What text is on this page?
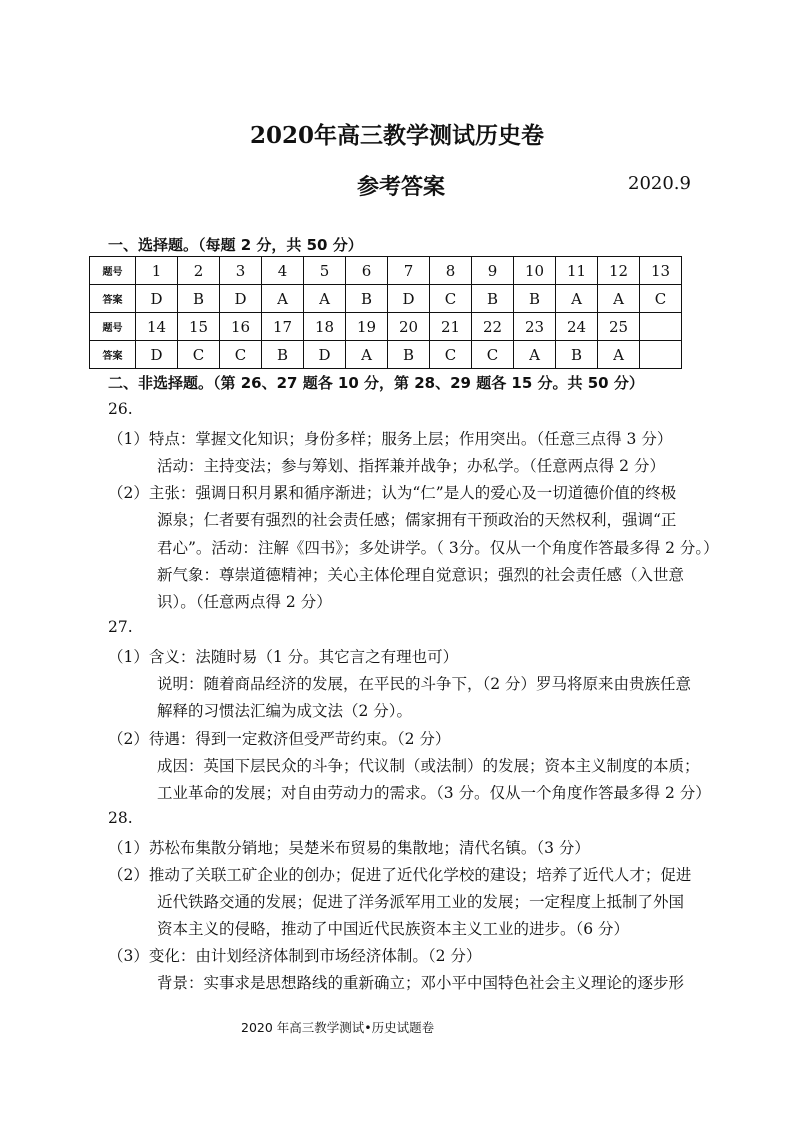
2020年高三教学测试历史卷
参考答案	2020.9
一、选择题。（每题 2 分，共 50 分）
题号	1	2	3	4	5	6	7	8	9	10	11	12	13
答案	D	B	D	A	A	B	D	C	B	B	A	A	C
题号	14	15	16	17	18	19	20	21	22	23	24	25	
答案	D	C	C	B	D	A	B	C	C	A	B	A	
二、非选择题。（第 26、27 题各 10 分，第 28、29 题各 15 分。共 50 分）
26.
（1）特点：掌握文化知识；身份多样；服务上层；作用突出。（任意三点得 3 分）
活动：主持变法；参与筹划、指挥兼并战争；办私学。（任意两点得 2 分）
（2）主张：强调日积月累和循序渐进；认为“仁”是人的爱心及一切道德价值的终极
源泉；仁者要有强烈的社会责任感；儒家拥有干预政治的天然权利，强调“正
君心”。活动：注解《四书》；多处讲学。（ 3分。仅从一个角度作答最多得 2 分。）
新气象：尊崇道德精神；关心主体伦理自觉意识；强烈的社会责任感（入世意
识）。（任意两点得 2 分）
27.
（1）含义：法随时易（1 分。其它言之有理也可）
说明：随着商品经济的发展，在平民的斗争下，（2 分）罗马将原来由贵族任意
解释的习惯法汇编为成文法（2 分）。
（2）待遇：得到一定救济但受严苛约束。（2 分）
成因：英国下层民众的斗争；代议制（或法制）的发展；资本主义制度的本质；
工业革命的发展；对自由劳动力的需求。（3 分。仅从一个角度作答最多得 2 分）
28.
（1）苏松布集散分销地；吴楚米布贸易的集散地；清代名镇。（3 分）
（2）推动了关联工矿企业的创办；促进了近代化学校的建设；培养了近代人才；促进
近代铁路交通的发展；促进了洋务派军用工业的发展；一定程度上抵制了外国
资本主义的侵略，推动了中国近代民族资本主义工业的进步。（6 分）
（3）变化：由计划经济体制到市场经济体制。（2 分）
背景：实事求是思想路线的重新确立；邓小平中国特色社会主义理论的逐步形
2020 年高三教学测试•历史试题卷
